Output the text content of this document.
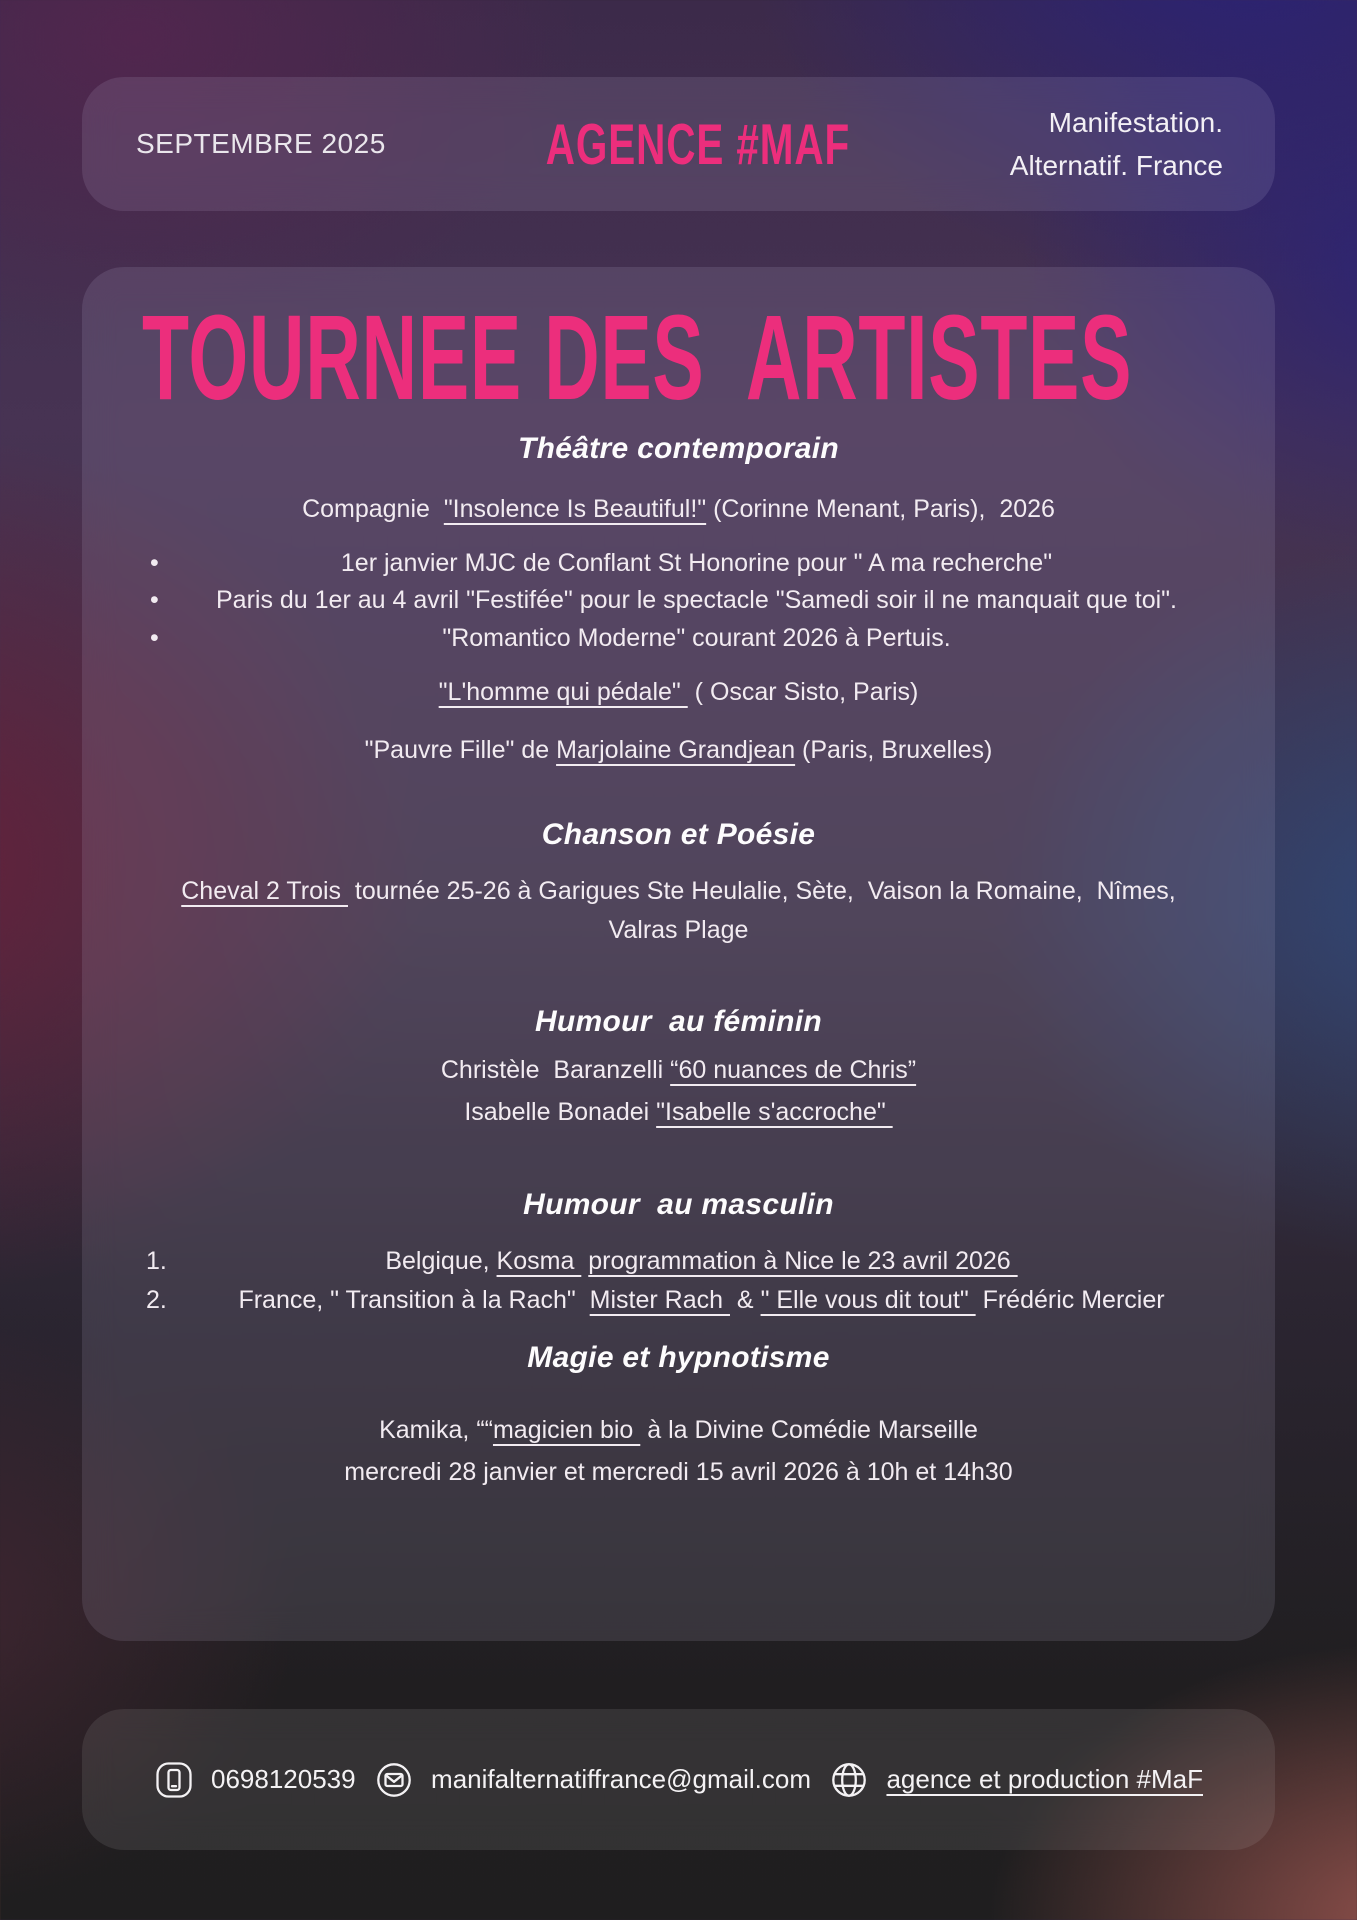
SEPTEMBRE 2025	AGENCE #MAF	Manifestation.
Alternatif. France
TOURNEE DES  ARTISTES
Théâtre contemporain

Compagnie  "Insolence Is Beautiful!" (Corinne Menant, Paris),  2026

•	1er janvier MJC de Conflant St Honorine pour " A ma recherche"
•	Paris du 1er au 4 avril "Festifée" pour le spectacle "Samedi soir il ne manquait que toi".
•	"Romantico Moderne" courant 2026 à Pertuis.

"L'homme qui pédale"  ( Oscar Sisto, Paris)

"Pauvre Fille" de Marjolaine Grandjean (Paris, Bruxelles)

Chanson et Poésie

Cheval 2 Trois  tournée 25-26 à Garigues Ste Heulalie, Sète,  Vaison la Romaine,  Nîmes, Valras Plage

Humour  au féminin

Christèle  Baranzelli “60 nuances de Chris”

Isabelle Bonadei "Isabelle s'accroche"

Humour  au masculin
1.	Belgique, Kosma  programmation à Nice le 23 avril 2026
2.	France, " Transition à la Rach"  Mister Rach  & " Elle vous dit tout"  Frédéric Mercier
Magie et hypnotisme

Kamika, ““magicien bio  à la Divine Comédie Marseille

mercredi 28 janvier et mercredi 15 avril 2026 à 10h et 14h30

0698120539	manifalternatiffrance@gmail.com	agence et production #MaF
